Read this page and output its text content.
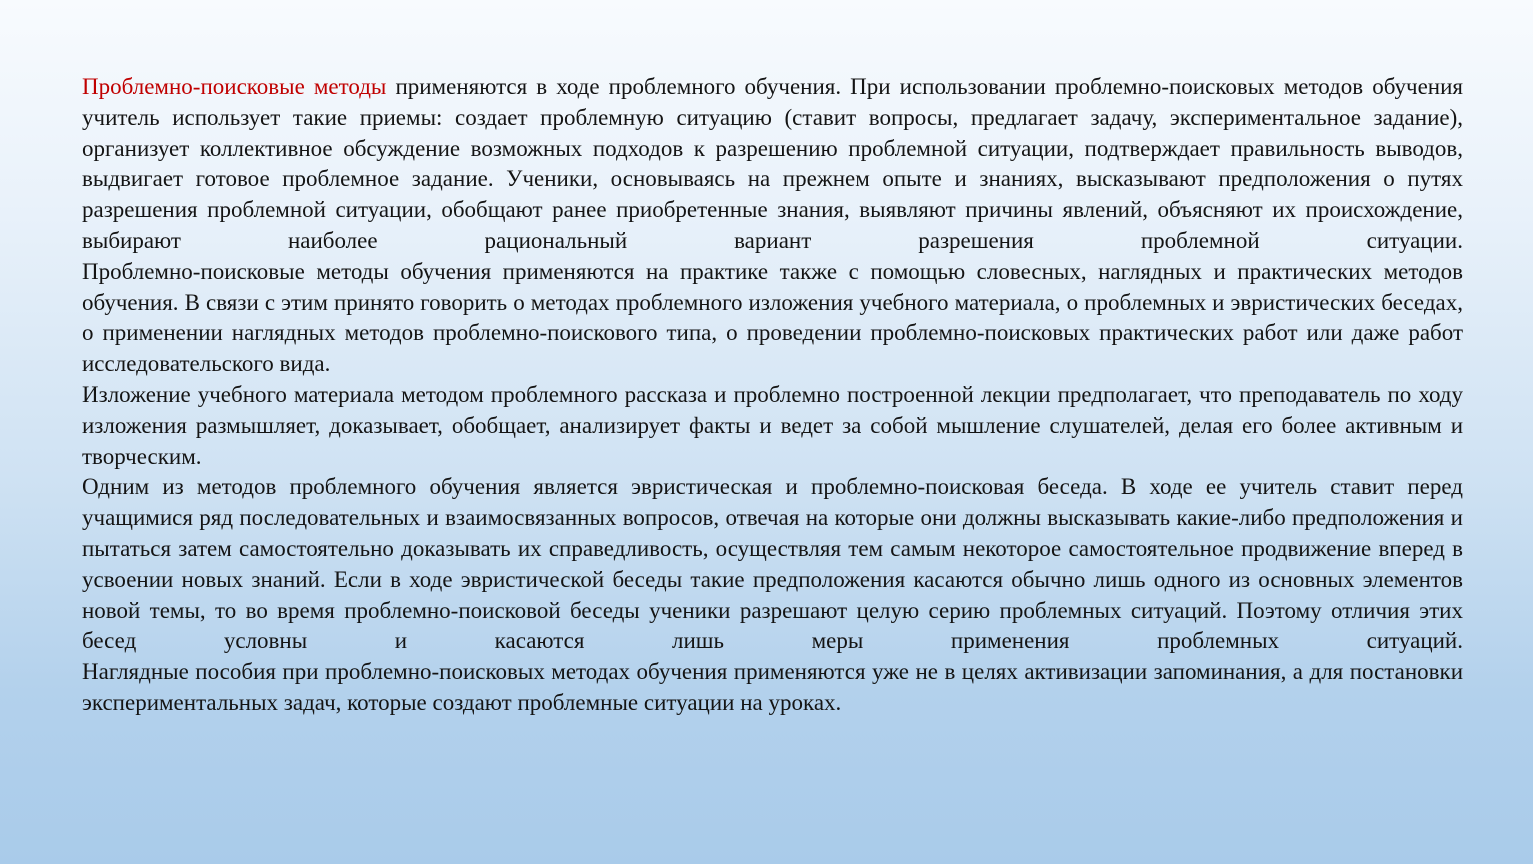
Проблемно-поисковые методы применяются в ходе проблемного обучения. При использовании проблемно-поисковых методов обучения учитель использует такие приемы: создает проблемную ситуацию (ставит вопросы, предлагает задачу, экспериментальное задание), организует коллективное обсуждение возможных подходов к разрешению проблемной ситуации, подтверждает правильность выводов, выдвигает готовое проблемное задание. Ученики, основываясь на прежнем опыте и знаниях, высказывают предположения о путях разрешения проблемной ситуации, обобщают ранее приобретенные знания, выявляют причины явлений, объясняют их происхождение, выбирают наиболее рациональный вариант разрешения проблемной ситуации.

Проблемно-поисковые методы обучения применяются на практике также с помощью словесных, наглядных и практических методов обучения. В связи с этим принято говорить о методах проблемного изложения учебного материала, о проблемных и эвристических беседах, о применении наглядных методов проблемно-поискового типа, о проведении проблемно-поисковых практических работ или даже работ исследовательского вида.

Изложение учебного материала методом проблемного рассказа и проблемно построенной лекции предполагает, что преподаватель по ходу изложения размышляет, доказывает, обобщает, анализирует факты и ведет за собой мышление слушателей, делая его более активным и творческим.

Одним из методов проблемного обучения является эвристическая и проблемно-поисковая беседа. В ходе ее учитель ставит перед учащимися ряд последовательных и взаимосвязанных вопросов, отвечая на которые они должны высказывать какие-либо предположения и пытаться затем самостоятельно доказывать их справедливость, осуществляя тем самым некоторое самостоятельное продвижение вперед в усвоении новых знаний. Если в ходе эвристической беседы такие предположения касаются обычно лишь одного из основных элементов новой темы, то во время проблемно-поисковой беседы ученики разрешают целую серию проблемных ситуаций. Поэтому отличия этих бесед условны и касаются лишь меры применения проблемных ситуаций.

Наглядные пособия при проблемно-поисковых методах обучения применяются уже не в целях активизации запоминания, а для постановки экспериментальных задач, которые создают проблемные ситуации на уроках.
